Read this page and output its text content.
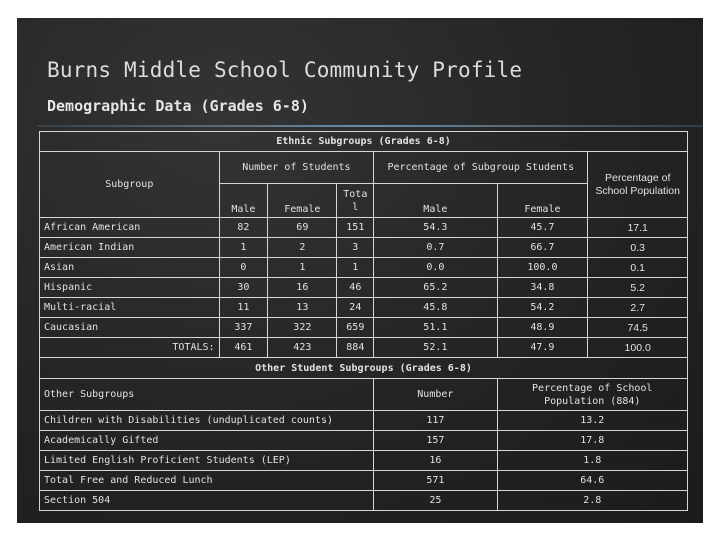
Burns Middle School Community Profile
Demographic Data (Grades 6-8)
Ethnic Subgroups (Grades 6-8)						
Subgroup	Number of Students			Percentage of Subgroup Students		Percentage of School Population
	Male	Female	Total	Male	Female	
African American	82	69	151	54.3	45.7	17.1
American Indian	1	2	3	0.7	66.7	0.3
Asian	0	1	1	0.0	100.0	0.1
Hispanic	30	16	46	65.2	34.8	5.2
Multi-racial	11	13	24	45.8	54.2	2.7
Caucasian	337	322	659	51.1	48.9	74.5
TOTALS:	461	423	884	52.1	47.9	100.0
Other Student Subgroups (Grades 6-8)						
Other Subgroups				Number	Percentage of School Population (884)	
Children with Disabilities (unduplicated counts)				117	13.2	
Academically Gifted				157	17.8	
Limited English Proficient Students (LEP)				16	1.8	
Total Free and Reduced Lunch				571	64.6	
Section 504				25	2.8	
